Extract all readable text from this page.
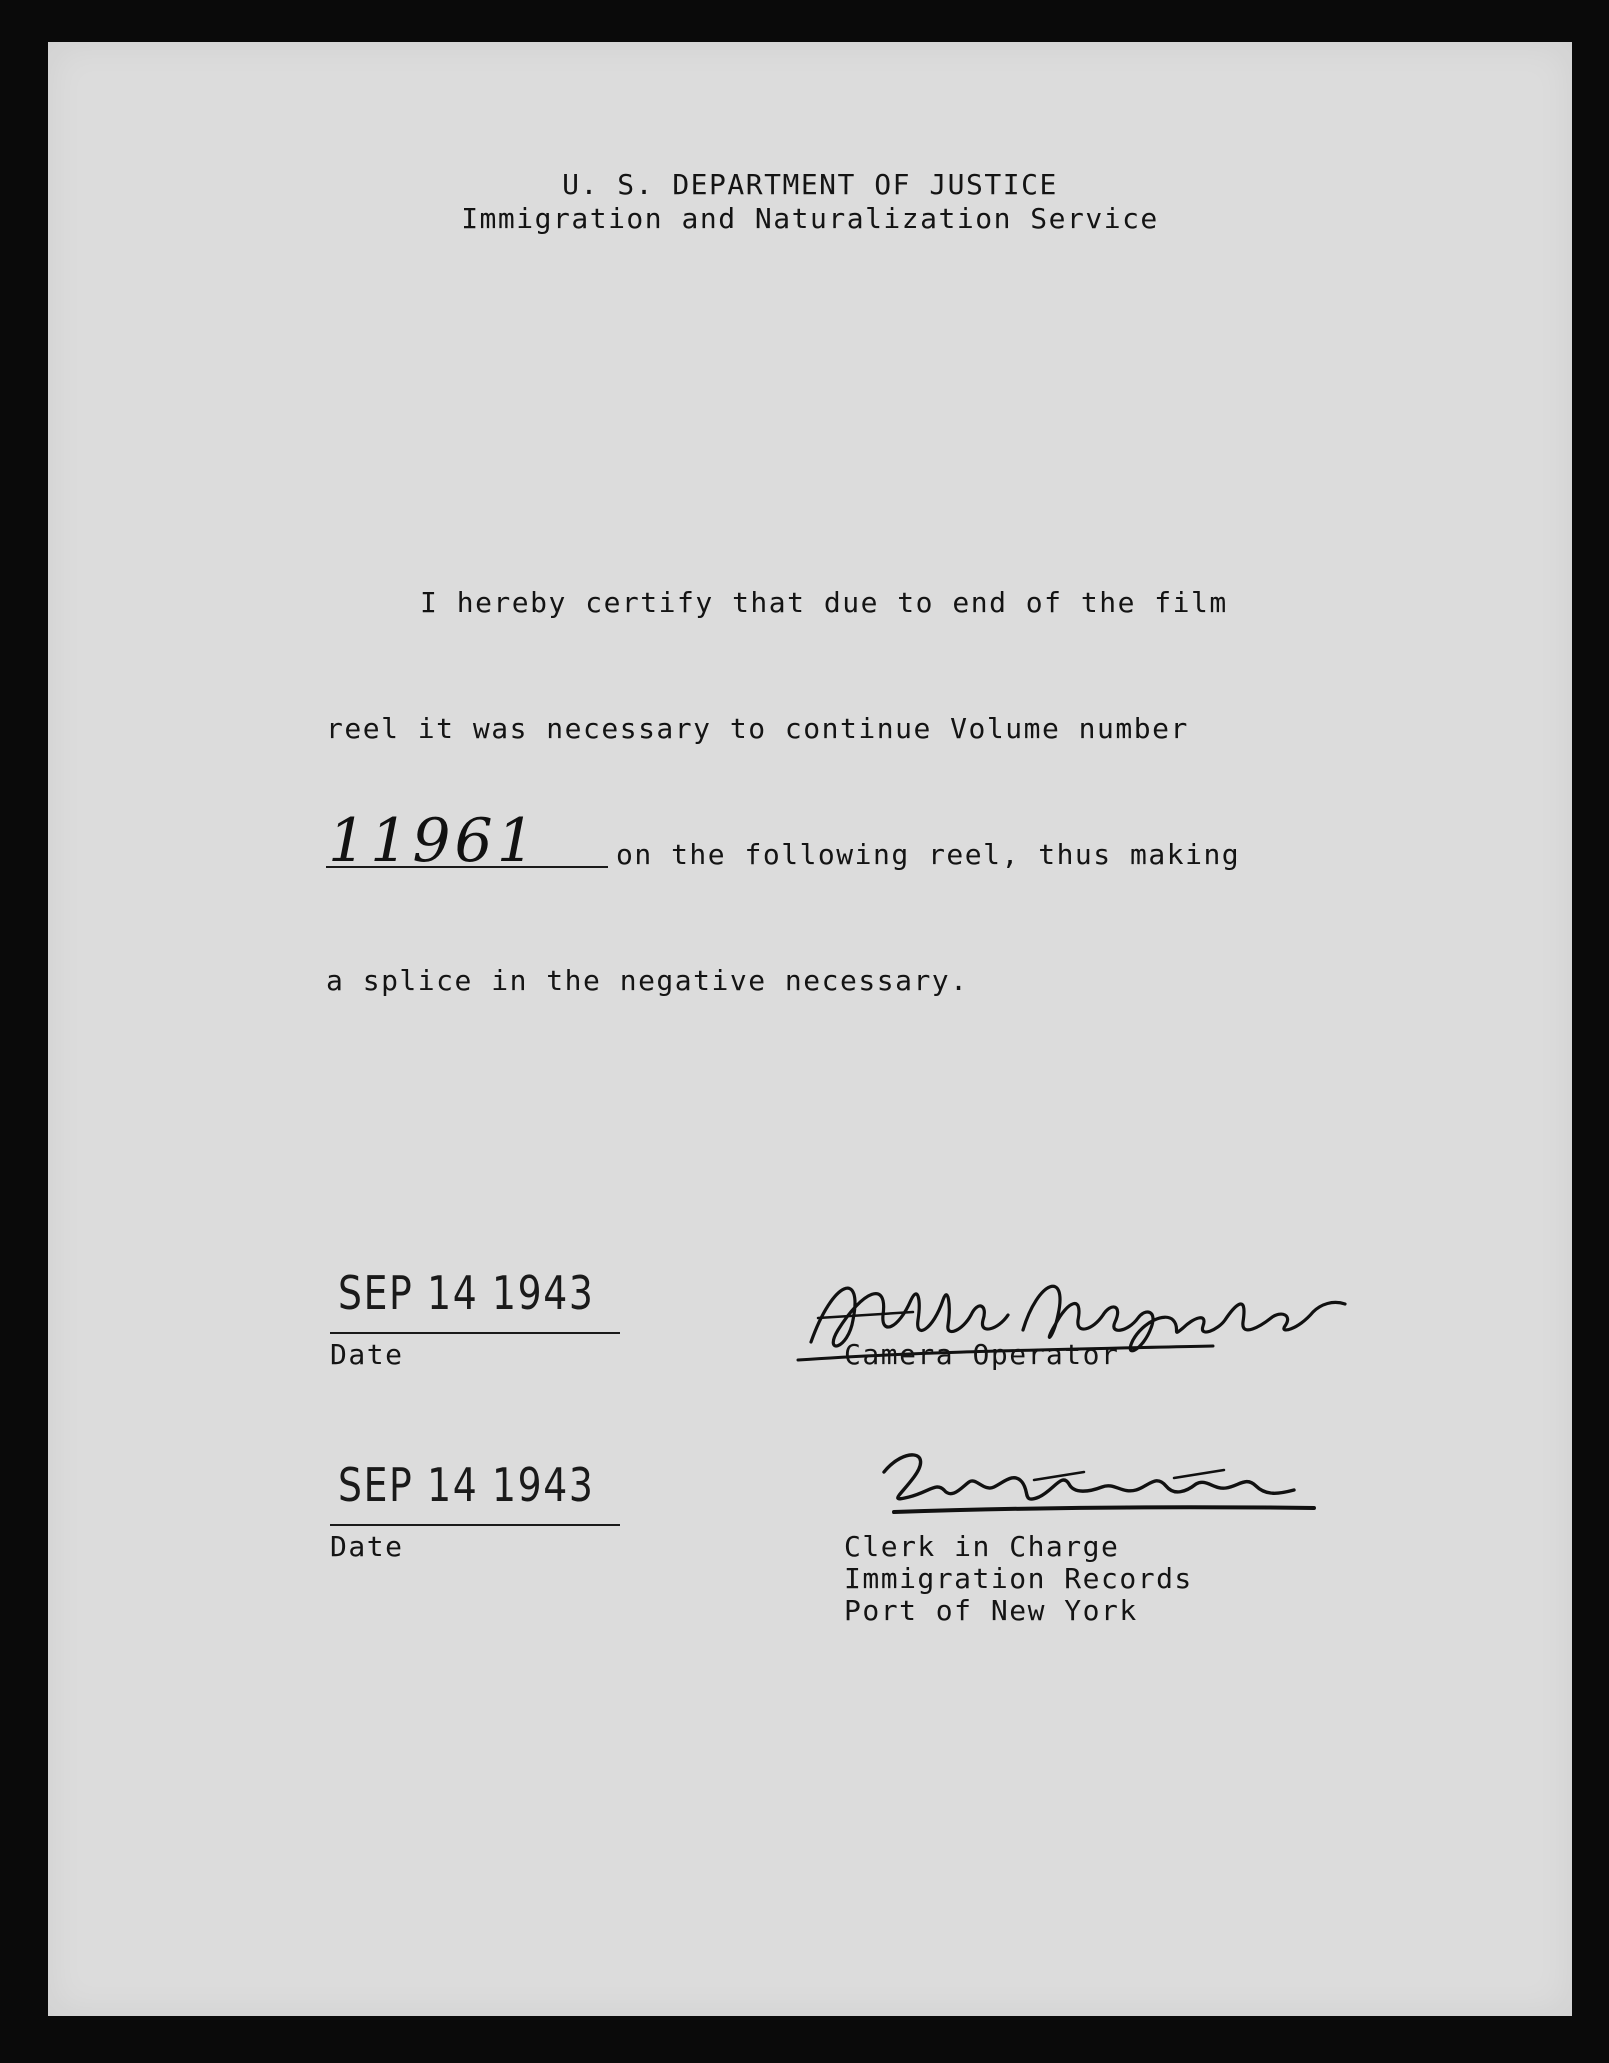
U. S. DEPARTMENT OF JUSTICE
Immigration and Naturalization Service
I hereby certify that due to end of the film
reel it was necessary to continue Volume number
11961	on the following reel, thus making
a splice in the negative necessary.
SEP 14 1943
Date	Camera Operator
SEP 14 1943
Date	Clerk in Charge
Immigration Records
Port of New York
